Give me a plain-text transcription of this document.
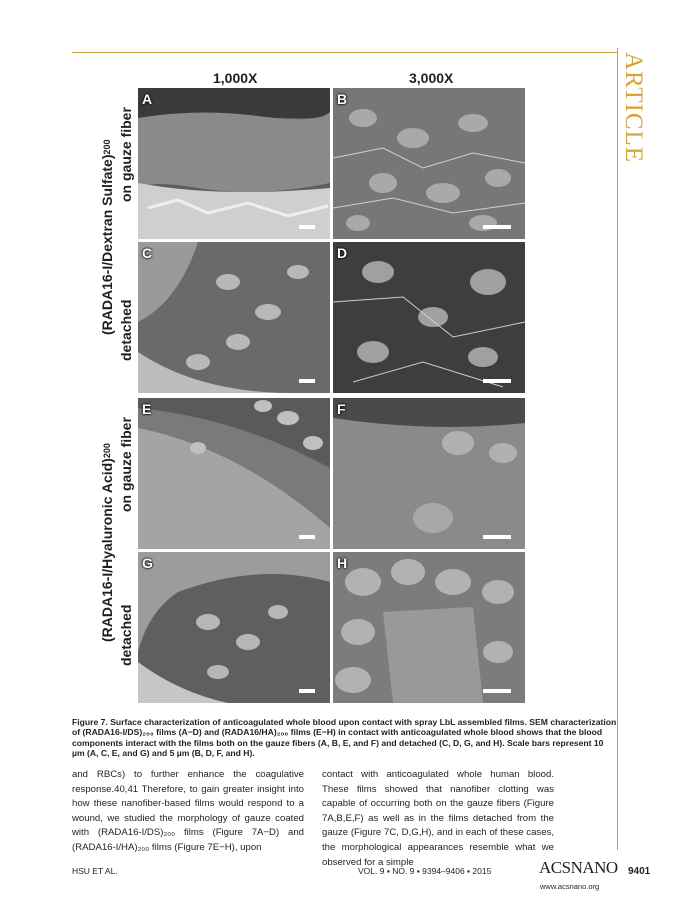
ARTICLE
1,000X	3,000X
(RADA16-I/Dextran Sulfate)200 on gauze fiber
detached
(RADA16-I/Hyaluronic Acid)200 on gauze fiber
detached
A	B
C	D
E	F
G	H

Figure 7. Surface characterization of anticoagulated whole blood upon contact with spray LbL assembled films. SEM characterization of (RADA16-I/DS)₂₀₀ films (A−D) and (RADA16/HA)₂₀₀ films (E−H) in contact with anticoagulated whole blood shows that the blood components interact with the films both on the gauze fibers (A, B, E, and F) and detached (C, D, G, and H). Scale bars represent 10 µm (A, C, E, and G) and 5 µm (B, D, F, and H).

and RBCs) to further enhance the coagulative response.40,41 Therefore, to gain greater insight into how these nanofiber-based films would respond to a wound, we studied the morphology of gauze coated with (RADA16-I/DS)₂₀₀ films (Figure 7A−D) and (RADA16-I/HA)₂₀₀ films (Figure 7E−H), upon

contact with anticoagulated whole human blood. These films showed that nanofiber clotting was capable of occurring both on the gauze fibers (Figure 7A,B,E,F) as well as in the films detached from the gauze (Figure 7C, D,G,H), and in each of these cases, the morphological appearances resemble what we observed for a simple

HSU ET AL.	VOL. 9 ▪ NO. 9 ▪ 9394–9406 ▪ 2015	ACSNANO
www.acsnano.org
9401
